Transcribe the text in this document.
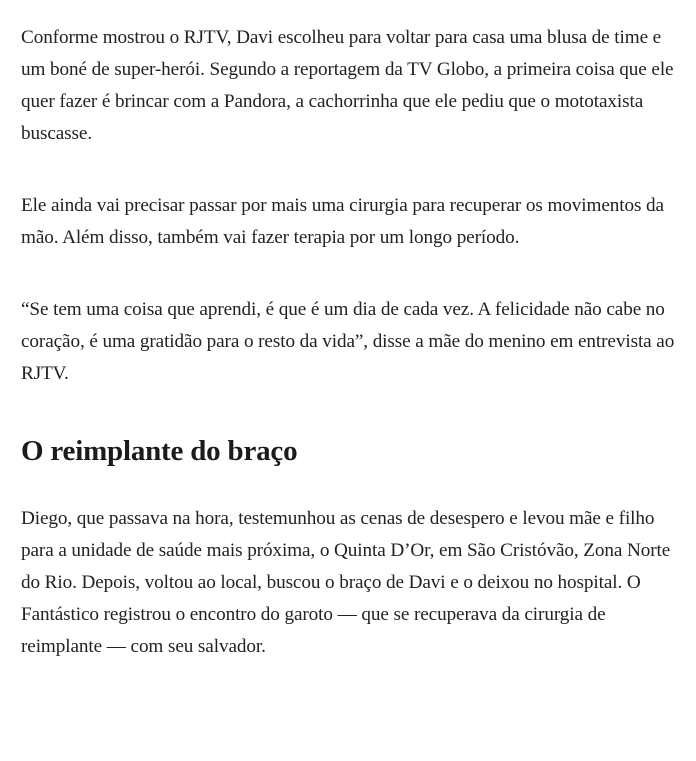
Conforme mostrou o RJTV, Davi escolheu para voltar para casa uma blusa de time e um boné de super-herói. Segundo a reportagem da TV Globo, a primeira coisa que ele quer fazer é brincar com a Pandora, a cachorrinha que ele pediu que o mototaxista buscasse.

Ele ainda vai precisar passar por mais uma cirurgia para recuperar os movimentos da mão. Além disso, também vai fazer terapia por um longo período.

“Se tem uma coisa que aprendi, é que é um dia de cada vez. A felicidade não cabe no coração, é uma gratidão para o resto da vida”, disse a mãe do menino em entrevista ao RJTV.

O reimplante do braço

Diego, que passava na hora, testemunhou as cenas de desespero e levou mãe e filho para a unidade de saúde mais próxima, o Quinta D’Or, em São Cristóvão, Zona Norte do Rio. Depois, voltou ao local, buscou o braço de Davi e o deixou no hospital. O Fantástico registrou o encontro do garoto — que se recuperava da cirurgia de reimplante — com seu salvador.
